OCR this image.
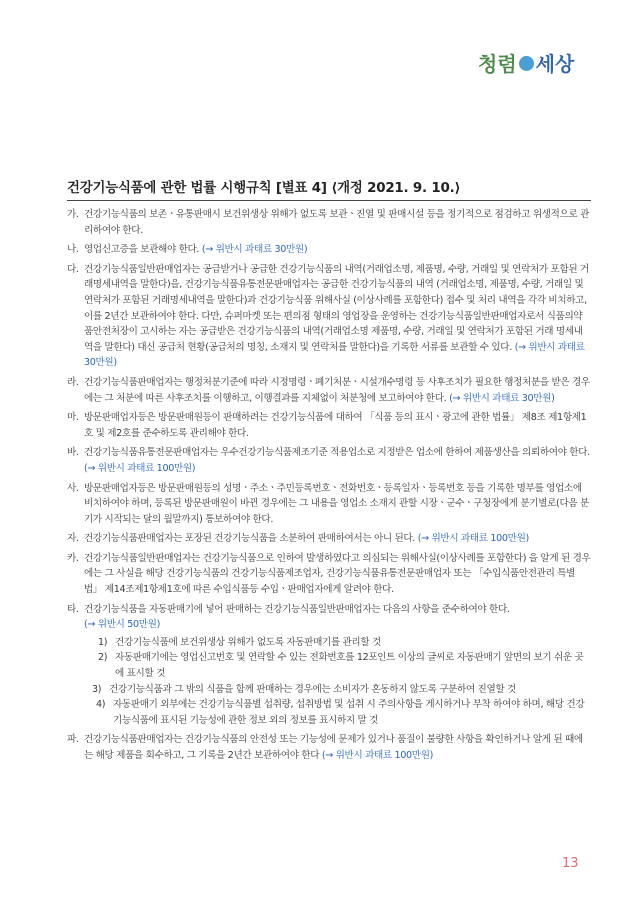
청렴 세상
건강기능식품에 관한 법률 시행규칙 [별표 4] ⟨개정 2021. 9. 10.⟩
가. 건강기능식품의 보존ㆍ유통판매시 보건위생상 위해가 없도록 보관ㆍ진열 및 판매시설 등을 정기적으로 점검하고 위생적으로 관리하여야 한다.
나. 영업신고증을 보관해야 한다. (→ 위반시 과태료 30만원)
다. 건강기능식품일반판매업자는 공급받거나 공급한 건강기능식품의 내역(거래업소명, 제품명, 수량, 거래일 및 연락처가 포함된 거래명세내역을 말한다)을, 건강기능식품유통전문판매업자는 공급한 건강기능식품의 내역 (거래업소명, 제품명, 수량, 거래일 및 연락처가 포함된 거래명세내역을 말한다)과 건강기능식품 위해사실 (이상사례를 포함한다) 접수 및 처리 내역을 각각 비치하고, 이를 2년간 보관하여야 한다. 다만, 슈퍼마켓 또는 편의점 형태의 영업장을 운영하는 건강기능식품일반판매업자로서 식품의약품안전처장이 고시하는 자는 공급받은 건강기능식품의 내역(거래업소명 제품명, 수량, 거래일 및 연락처가 포함된 거래 명세내역을 말한다) 대신 공급처 현황(공급처의 명칭, 소재지 및 연락처를 말한다)을 기록한 서류를 보관할 수 있다. (→ 위반시 과태료 30만원)
라. 건강기능식품판매업자는 행정처분기준에 따라 시정명령ㆍ폐기처분ㆍ시설개수명령 등 사후조치가 필요한 행정처분을 받은 경우에는 그 처분에 따른 사후조치를 이행하고, 이행결과를 지체없이 처분청에 보고하여야 한다. (→ 위반시 과태료 30만원)
마. 방문판매업자등은 방문판매원등이 판매하려는 건강기능식품에 대하여 「식품 등의 표시ㆍ광고에 관한 법률」 제8조 제1항제1호 및 제2호를 준수하도록 관리해야 한다.
바. 건강기능식품유통전문판매업자는 우수건강기능식품제조기준 적용업소로 지정받은 업소에 한하여 제품생산을 의뢰하여야 한다. (→ 위반시 과태료 100만원)
사. 방문판매업자등은 방문판매원등의 성명ㆍ주소ㆍ주민등록번호ㆍ전화번호ㆍ등록일자ㆍ등록번호 등을 기록한 명부를 영업소에 비치하여야 하며, 등록된 방문판매원이 바뀐 경우에는 그 내용을 영업소 소재지 관할 시장ㆍ군수ㆍ구청장에게 분기별로(다음 분기가 시작되는 달의 월말까지) 통보하여야 한다.
자. 건강기능식품판매업자는 포장된 건강기능식품을 소분하여 판매하여서는 아니 된다. (→ 위반시 과태료 100만원)
카. 건강기능식품일반판매업자는 건강기능식품으로 인하여 발생하였다고 의심되는 위해사실(이상사례를 포함한다) 을 알게 된 경우에는 그 사실을 해당 건강기능식품의 건강기능식품제조업자, 건강기능식품유통전문판매업자 또는 「수입식품안전관리 특별법」 제14조제1항제1호에 따른 수입식품등 수입ㆍ판매업자에게 알려야 한다.
타. 건강기능식품을 자동판매기에 넣어 판매하는 건강기능식품일반판매업자는 다음의 사항을 준수하여야 한다.
(→ 위반시 50만원)
1) 건강기능식품에 보건위생상 위해가 없도록 자동판매기를 관리할 것
2) 자동판매기에는 영업신고번호 및 연락할 수 있는 전화번호를 12포인트 이상의 글씨로 자동판매기 앞면의 보기 쉬운 곳에 표시할 것
3) 건강기능식품과 그 밖의 식품을 함께 판매하는 경우에는 소비자가 혼동하지 않도록 구분하여 진열할 것
4) 자동판매기 외부에는 건강기능식품별 섭취량, 섭취방법 및 섭취 시 주의사항을 게시하거나 부착 하여야 하며, 해당 건강기능식품에 표시된 기능성에 관한 정보 외의 정보를 표시하지 말 것
파. 건강기능식품판매업자는 건강기능식품의 안전성 또는 기능성에 문제가 있거나 품질이 불량한 사항을 확인하거나 알게 된 때에는 해당 제품을 회수하고, 그 기록을 2년간 보관하여야 한다 (→ 위반시 과태료 100만원)
13
